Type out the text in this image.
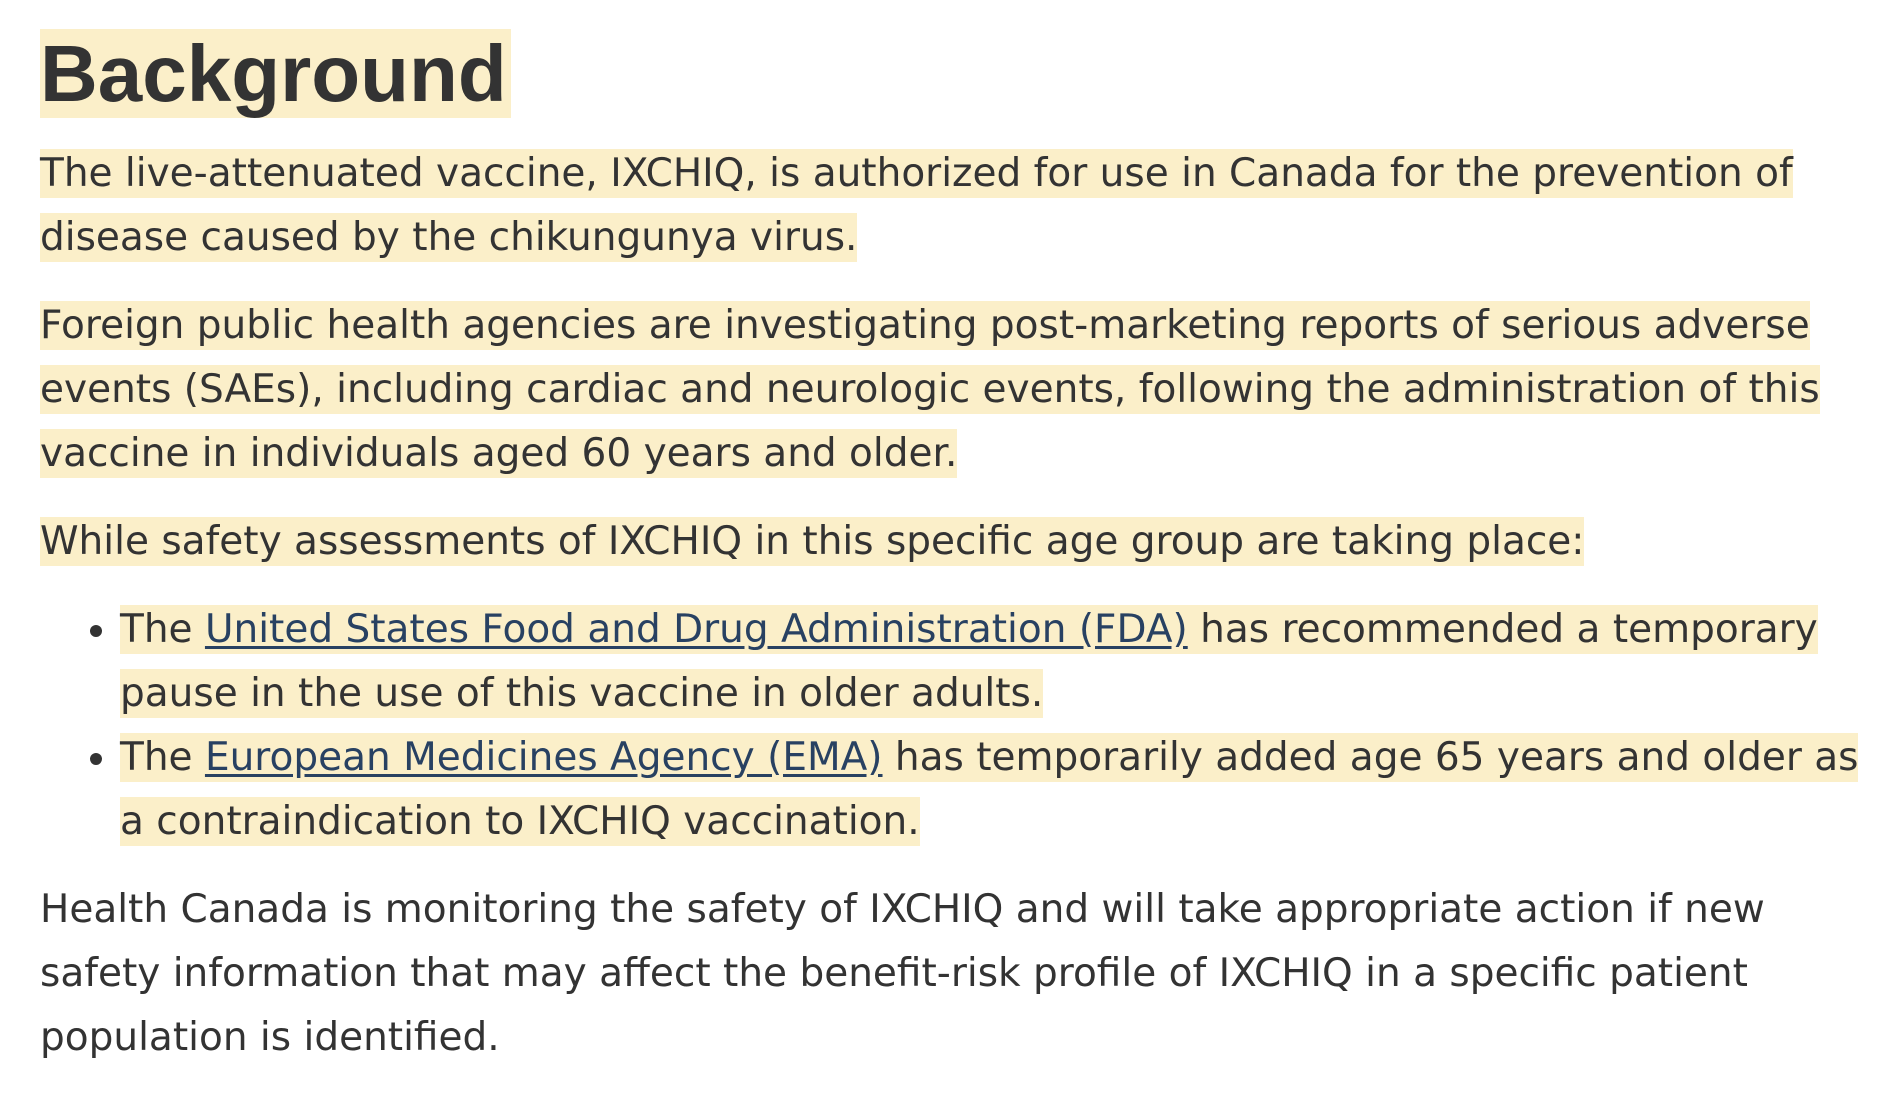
Background

The live-attenuated vaccine, IXCHIQ, is authorized for use in Canada for the prevention of disease caused by the chikungunya virus.

Foreign public health agencies are investigating post-marketing reports of serious adverse events (SAEs), including cardiac and neurologic events, following the administration of this vaccine in individuals aged 60 years and older.

While safety assessments of IXCHIQ in this specific age group are taking place:

• The United States Food and Drug Administration (FDA) has recommended a temporary pause in the use of this vaccine in older adults.
• The European Medicines Agency (EMA) has temporarily added age 65 years and older as a contraindication to IXCHIQ vaccination.

Health Canada is monitoring the safety of IXCHIQ and will take appropriate action if new safety information that may affect the benefit-risk profile of IXCHIQ in a specific patient population is identified.
